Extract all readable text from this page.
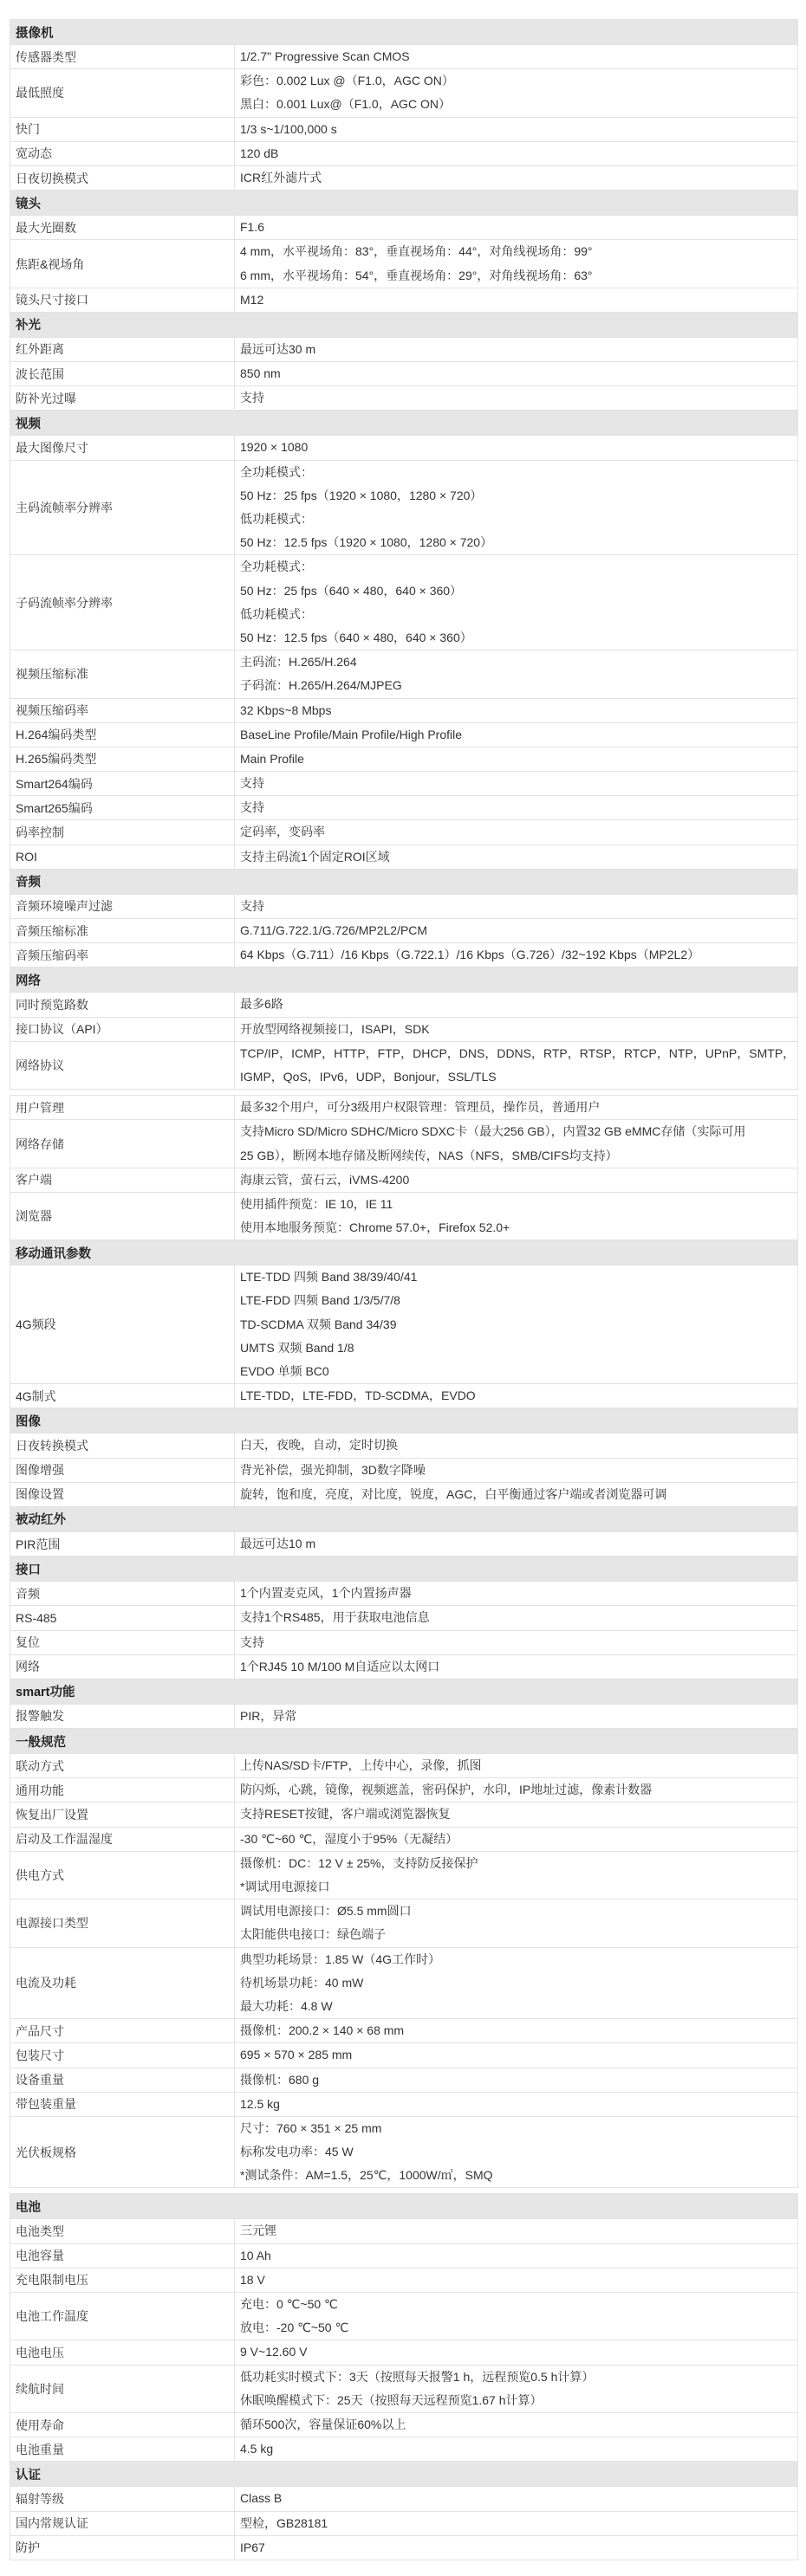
摄像机	
传感器类型	1/2.7" Progressive Scan CMOS

最低照度	彩色：0.002 Lux @（F1.0，AGC ON）
黑白：0.001 Lux@（F1.0，AGC ON）

快门	1/3 s~1/100,000 s

宽动态	120 dB

日夜切换模式	ICR红外滤片式

镜头	
最大光圈数	F1.6

焦距&视场角	4 mm，水平视场角：83°，垂直视场角：44°，对角线视场角：99°
6 mm，水平视场角：54°，垂直视场角：29°，对角线视场角：63°

镜头尺寸接口	M12

补光	
红外距离	最远可达30 m

波长范围	850 nm

防补光过曝	支持

视频	
最大图像尺寸	1920 × 1080

主码流帧率分辨率	全功耗模式：
50 Hz：25 fps（1920 × 1080，1280 × 720）
低功耗模式：
50 Hz：12.5 fps（1920 × 1080，1280 × 720）

子码流帧率分辨率	全功耗模式：
50 Hz：25 fps（640 × 480，640 × 360）
低功耗模式：
50 Hz：12.5 fps（640 × 480，640 × 360）

视频压缩标准	主码流：H.265/H.264
子码流：H.265/H.264/MJPEG

视频压缩码率	32 Kbps~8 Mbps

H.264编码类型	BaseLine Profile/Main Profile/High Profile

H.265编码类型	Main Profile

Smart264编码	支持

Smart265编码	支持

码率控制	定码率，变码率

ROI	支持主码流1个固定ROI区域

音频	
音频环境噪声过滤	支持

音频压缩标准	G.711/G.722.1/G.726/MP2L2/PCM

音频压缩码率	64 Kbps（G.711）/16 Kbps（G.722.1）/16 Kbps（G.726）/32~192 Kbps（MP2L2）

网络	
同时预览路数	最多6路

接口协议（API）	开放型网络视频接口，ISAPI，SDK

网络协议	TCP/IP，ICMP，HTTP，FTP，DHCP，DNS，DDNS，RTP，RTSP，RTCP，NTP，UPnP，SMTP，
IGMP，QoS，IPv6，UDP，Bonjour，SSL/TLS

用户管理	最多32个用户，可分3级用户权限管理：管理员，操作员，普通用户

网络存储	支持Micro SD/Micro SDHC/Micro SDXC卡（最大256 GB），内置32 GB eMMC存储（实际可用
25 GB），断网本地存储及断网续传，NAS（NFS，SMB/CIFS均支持）

客户端	海康云管，萤石云，iVMS-4200

浏览器	使用插件预览：IE 10，IE 11
使用本地服务预览：Chrome 57.0+，Firefox 52.0+

移动通讯参数	
4G频段	LTE-TDD 四频 Band 38/39/40/41
LTE-FDD 四频 Band 1/3/5/7/8
TD-SCDMA 双频 Band 34/39
UMTS 双频 Band 1/8
EVDO 单频 BC0

4G制式	LTE-TDD，LTE-FDD，TD-SCDMA，EVDO

图像	
日夜转换模式	白天，夜晚，自动，定时切换

图像增强	背光补偿，强光抑制，3D数字降噪

图像设置	旋转，饱和度，亮度，对比度，锐度，AGC，白平衡通过客户端或者浏览器可调

被动红外	
PIR范围	最远可达10 m

接口	
音频	1个内置麦克风，1个内置扬声器

RS-485	支持1个RS485，用于获取电池信息

复位	支持

网络	1个RJ45 10 M/100 M自适应以太网口

smart功能	
报警触发	PIR，异常

一般规范	
联动方式	上传NAS/SD卡/FTP，上传中心，录像，抓图

通用功能	防闪烁，心跳，镜像，视频遮盖，密码保护，水印，IP地址过滤，像素计数器

恢复出厂设置	支持RESET按键，客户端或浏览器恢复

启动及工作温湿度	-30 ℃~60 ℃，湿度小于95%（无凝结）

供电方式	摄像机：DC：12 V ± 25%，支持防反接保护
*调试用电源接口

电源接口类型	调试用电源接口：Ø5.5 mm圆口
太阳能供电接口：绿色端子

电流及功耗	典型功耗场景：1.85 W（4G工作时）
待机场景功耗：40 mW
最大功耗：4.8 W

产品尺寸	摄像机：200.2 × 140 × 68 mm

包装尺寸	695 × 570 × 285 mm

设备重量	摄像机：680 g

带包装重量	12.5 kg

光伏板规格	尺寸：760 × 351 × 25 mm
标称发电功率：45 W
*测试条件：AM=1.5，25℃，1000W/㎡，SMQ

电池	
电池类型	三元锂

电池容量	10 Ah

充电限制电压	18 V

电池工作温度	充电：0 ℃~50 ℃
放电：-20 ℃~50 ℃

电池电压	9 V~12.60 V

续航时间	低功耗实时模式下：3天（按照每天报警1 h，远程预览0.5 h计算）
休眠唤醒模式下：25天（按照每天远程预览1.67 h计算）

使用寿命	循环500次，容量保证60%以上

电池重量	4.5 kg

认证	
辐射等级	Class B

国内常规认证	型检，GB28181

防护	IP67
